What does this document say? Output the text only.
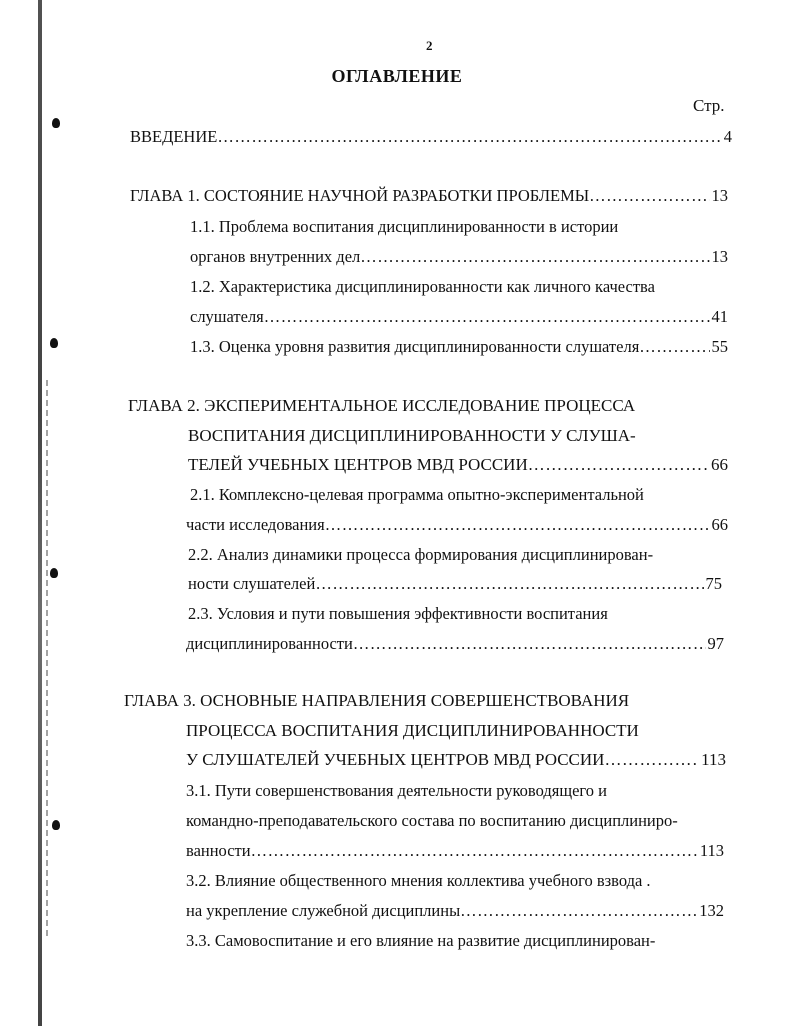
2
ОГЛАВЛЕНИЕ
Стр.
ВВЕДЕНИЕ ……………………………………………………………………………………………………………………………………………………	4
ГЛАВА 1. СОСТОЯНИЕ НАУЧНОЙ РАЗРАБОТКИ ПРОБЛЕМЫ ……………………………………………………………………………………………………………………………………………………	13
1.1. Проблема воспитания дисциплинированности в истории
органов внутренних дел ……………………………………………………………………………………………………………………………………………………	13
1.2. Характеристика дисциплинированности как личного качества
слушателя ……………………………………………………………………………………………………………………………………………………	41
1.3. Оценка уровня развития дисциплинированности слушателя ……………………………………………………………………………………………………………………………………………………	55
ГЛАВА 2. ЭКСПЕРИМЕНТАЛЬНОЕ ИССЛЕДОВАНИЕ ПРОЦЕССА
ВОСПИТАНИЯ ДИСЦИПЛИНИРОВАННОСТИ У СЛУША-
ТЕЛЕЙ УЧЕБНЫХ ЦЕНТРОВ МВД РОССИИ ……………………………………………………………………………………………………………………………………………………	66
2.1. Комплексно-целевая программа опытно-экспериментальной
части исследования ……………………………………………………………………………………………………………………………………………………	66
2.2. Анализ динамики процесса формирования дисциплинирован-
ности слушателей ……………………………………………………………………………………………………………………………………………………	75
2.3. Условия и пути повышения эффективности воспитания
дисциплинированности ……………………………………………………………………………………………………………………………………………………	97
ГЛАВА 3. ОСНОВНЫЕ НАПРАВЛЕНИЯ СОВЕРШЕНСТВОВАНИЯ
ПРОЦЕССА ВОСПИТАНИЯ ДИСЦИПЛИНИРОВАННОСТИ
У СЛУШАТЕЛЕЙ УЧЕБНЫХ ЦЕНТРОВ МВД РОССИИ ……………………………………………………………………………………………………………………………………………………	113
3.1. Пути совершенствования деятельности руководящего и
командно-преподавательского состава по воспитанию дисциплиниро-
ванности ……………………………………………………………………………………………………………………………………………………	113
3.2. Влияние общественного мнения коллектива учебного взвода .
на укрепление служебной дисциплины ……………………………………………………………………………………………………………………………………………………	132
3.3. Самовоспитание и его влияние на развитие дисциплинирован-
